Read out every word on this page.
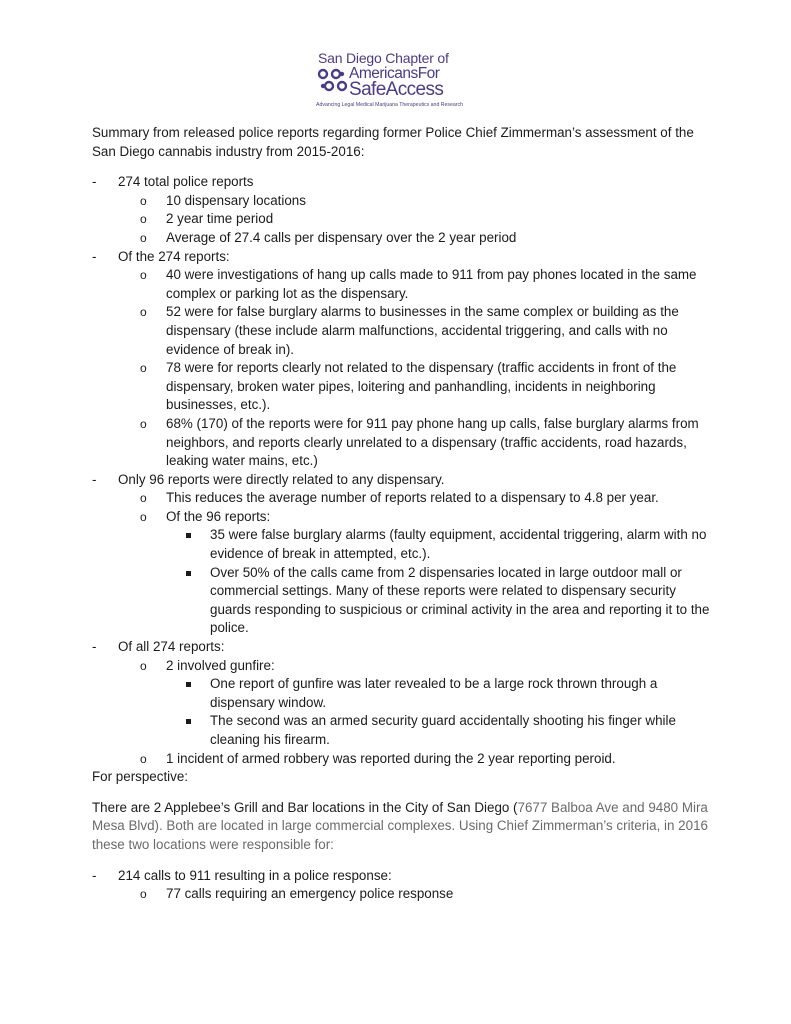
San Diego Chapter of
AmericansFor
SafeAccess
Advancing Legal Medical Marijuana Therapeutics and Research

Summary from released police reports regarding former Police Chief Zimmerman’s assessment of the San Diego cannabis industry from 2015-2016:

- 274 total police reports
o 10 dispensary locations
o 2 year time period
o Average of 27.4 calls per dispensary over the 2 year period
- Of the 274 reports:
o 40 were investigations of hang up calls made to 911 from pay phones located in the same complex or parking lot as the dispensary.
o 52 were for false burglary alarms to businesses in the same complex or building as the dispensary (these include alarm malfunctions, accidental triggering, and calls with no evidence of break in).
o 78 were for reports clearly not related to the dispensary (traffic accidents in front of the dispensary, broken water pipes, loitering and panhandling, incidents in neighboring businesses, etc.).
o 68% (170) of the reports were for 911 pay phone hang up calls, false burglary alarms from neighbors, and reports clearly unrelated to a dispensary (traffic accidents, road hazards, leaking water mains, etc.)
- Only 96 reports were directly related to any dispensary.
o This reduces the average number of reports related to a dispensary to 4.8 per year.
o Of the 96 reports:
35 were false burglary alarms (faulty equipment, accidental triggering, alarm with no evidence of break in attempted, etc.).
Over 50% of the calls came from 2 dispensaries located in large outdoor mall or commercial settings. Many of these reports were related to dispensary security guards responding to suspicious or criminal activity in the area and reporting it to the police.
- Of all 274 reports:
o 2 involved gunfire:
One report of gunfire was later revealed to be a large rock thrown through a dispensary window.
The second was an armed security guard accidentally shooting his finger while cleaning his firearm.
o 1 incident of armed robbery was reported during the 2 year reporting peroid.

For perspective:

There are 2 Applebee’s Grill and Bar locations in the City of San Diego (7677 Balboa Ave and 9480 Mira Mesa Blvd). Both are located in large commercial complexes. Using Chief Zimmerman’s criteria, in 2016 these two locations were responsible for:

- 214 calls to 911 resulting in a police response:
o 77 calls requiring an emergency police response
